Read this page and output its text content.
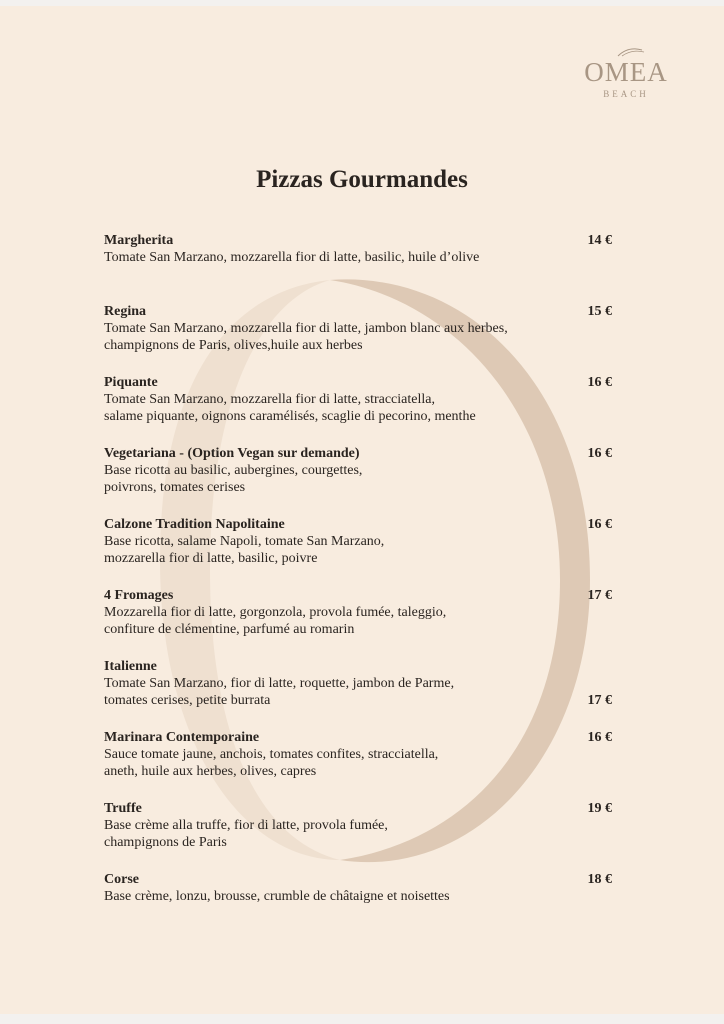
OMEA
BEACH
Pizzas Gourmandes
Margherita
Tomate San Marzano, mozzarella fior di latte, basilic, huile d’olive
14 €
Regina
Tomate San Marzano, mozzarella fior di latte, jambon blanc aux herbes,
champignons de Paris, olives,huile aux herbes
15 €
Piquante
Tomate San Marzano, mozzarella fior di latte, stracciatella,
salame piquante, oignons caramélisés, scaglie di pecorino, menthe
16 €
Vegetariana - (Option Vegan sur demande)
Base ricotta au basilic, aubergines, courgettes,
poivrons, tomates cerises
16 €
Calzone Tradition Napolitaine
Base ricotta, salame Napoli, tomate San Marzano,
mozzarella fior di latte, basilic, poivre
16 €
4 Fromages
Mozzarella fior di latte, gorgonzola, provola fumée, taleggio,
confiture de clémentine, parfumé au romarin
17 €
Italienne
Tomate San Marzano, fior di latte, roquette, jambon de Parme,
tomates cerises, petite burrata	17 €
Marinara Contemporaine
Sauce tomate jaune, anchois, tomates confites, stracciatella,
aneth, huile aux herbes, olives, capres
16 €
Truffe
Base crème alla truffe, fior di latte, provola fumée,
champignons de Paris
19 €
Corse
Base crème, lonzu, brousse, crumble de châtaigne et noisettes
18 €
